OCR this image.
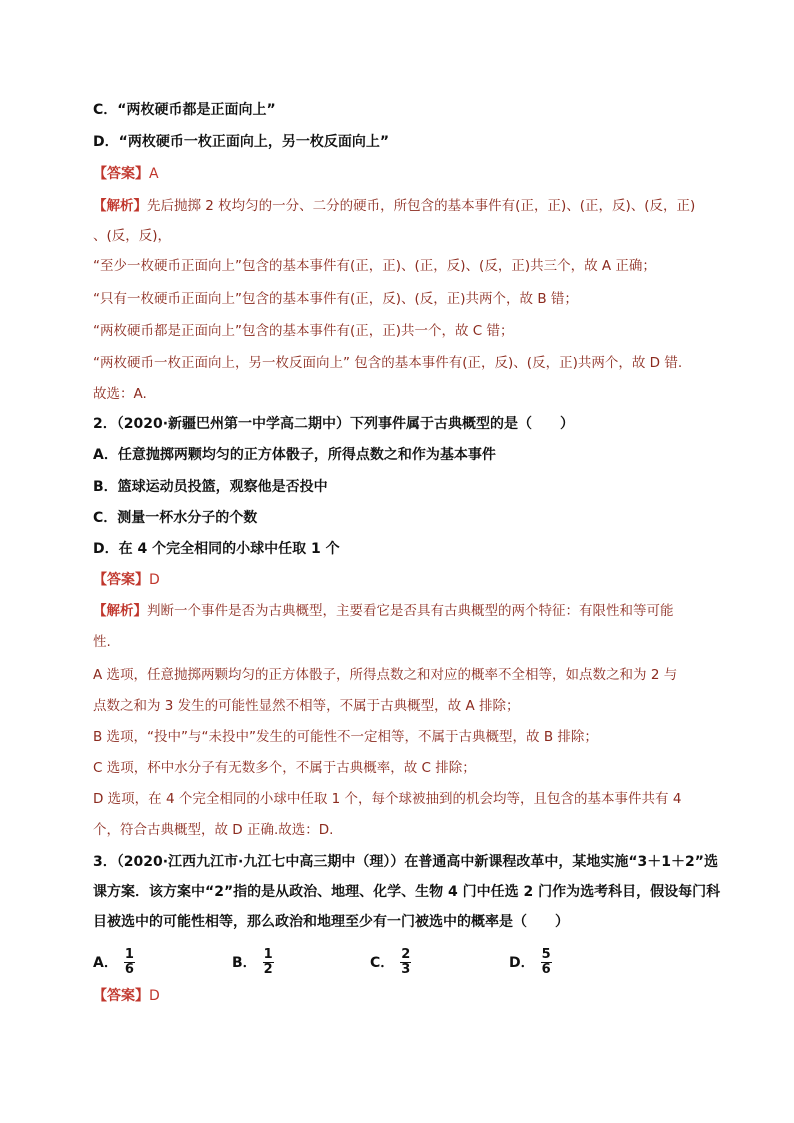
C．“两枚硬币都是正面向上”
D．“两枚硬币一枚正面向上，另一枚反面向上”
【答案】A
【解析】先后抛掷 2 枚均匀的一分、二分的硬币，所包含的基本事件有(正，正)、(正，反)、(反，正)
、(反，反)，
“至少一枚硬币正面向上”包含的基本事件有(正，正)、(正，反)、(反，正)共三个，故 A 正确；
“只有一枚硬币正面向上”包含的基本事件有(正，反)、(反，正)共两个，故 B 错；
“两枚硬币都是正面向上”包含的基本事件有(正，正)共一个，故 C 错；
“两枚硬币一枚正面向上，另一枚反面向上” 包含的基本事件有(正，反)、(反，正)共两个，故 D 错.
故选：A.
2．（2020·新疆巴州第一中学高二期中）下列事件属于古典概型的是（　　）
A．任意抛掷两颗均匀的正方体骰子，所得点数之和作为基本事件
B．篮球运动员投篮，观察他是否投中
C．测量一杯水分子的个数
D．在 4 个完全相同的小球中任取 1 个
【答案】D
【解析】判断一个事件是否为古典概型，主要看它是否具有古典概型的两个特征：有限性和等可能
性.
A 选项，任意抛掷两颗均匀的正方体骰子，所得点数之和对应的概率不全相等，如点数之和为 2 与
点数之和为 3 发生的可能性显然不相等，不属于古典概型，故 A 排除；
B 选项，“投中”与“未投中”发生的可能性不一定相等，不属于古典概型，故 B 排除；
C 选项，杯中水分子有无数多个，不属于古典概率，故 C 排除；
D 选项，在 4 个完全相同的小球中任取 1 个，每个球被抽到的机会均等，且包含的基本事件共有 4
个，符合古典概型，故 D 正确.故选：D.
3．（2020·江西九江市·九江七中高三期中（理））在普通高中新课程改革中，某地实施“3＋1＋2”选
课方案．该方案中“2”指的是从政治、地理、化学、生物 4 门中任选 2 门作为选考科目，假设每门科
目被选中的可能性相等，那么政治和地理至少有一门被选中的概率是（　　）
A． $\frac{1}{6}$	B． $\frac{1}{2}$	C． $\frac{2}{3}$	D． $\frac{5}{6}$
【答案】D
